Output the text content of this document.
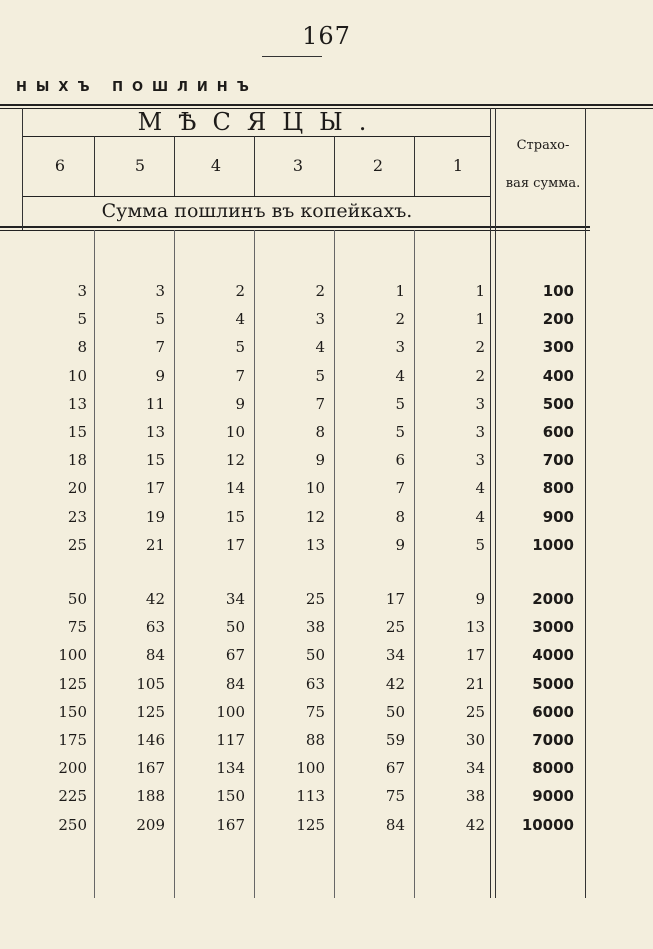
167
НЫХЪ ПОШЛИНЪ
МѢСЯЦЫ.
6	5	4	3	2	1
Сумма пошлинъ въ копейкахъ.
Страхо-
вая сумма.
3	3	2	2	1	1	100
5	5	4	3	2	1	200
8	7	5	4	3	2	300
10	9	7	5	4	2	400
13	11	9	7	5	3	500
15	13	10	8	5	3	600
18	15	12	9	6	3	700
20	17	14	10	7	4	800
23	19	15	12	8	4	900
25	21	17	13	9	5	1000
50	42	34	25	17	9	2000
75	63	50	38	25	13	3000
100	84	67	50	34	17	4000
125	105	84	63	42	21	5000
150	125	100	75	50	25	6000
175	146	117	88	59	30	7000
200	167	134	100	67	34	8000
225	188	150	113	75	38	9000
250	209	167	125	84	42	10000
